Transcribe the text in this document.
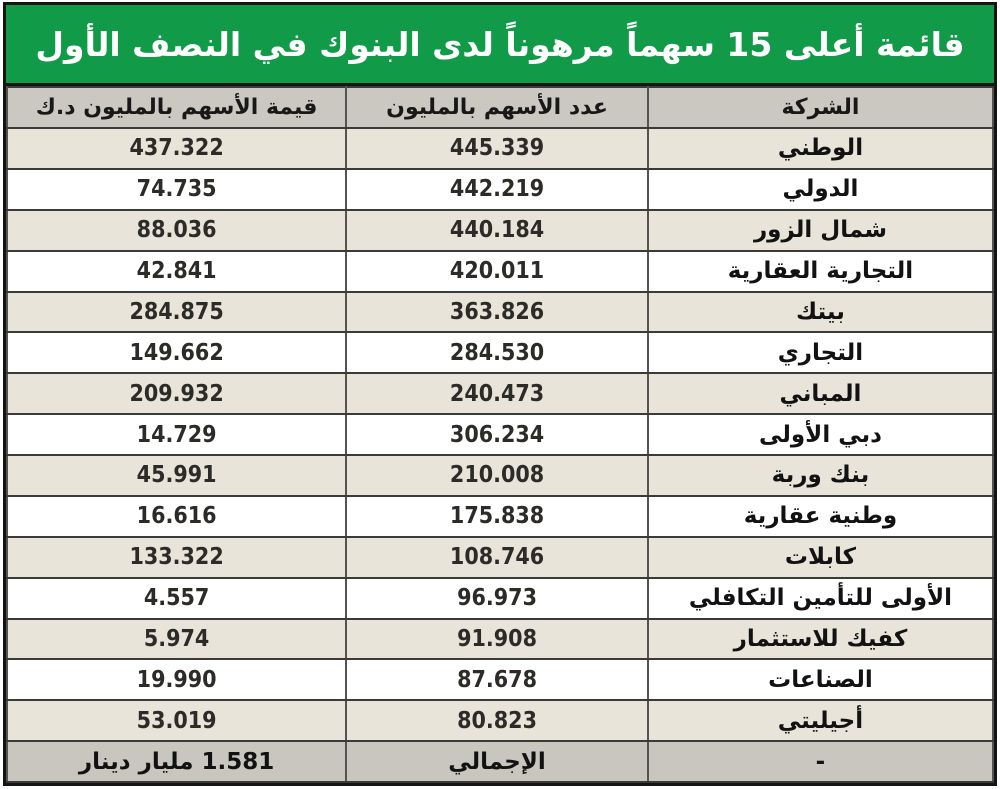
قائمة أعلى 15 سهماً مرهوناً لدى البنوك في النصف الأول
الشركة	عدد الأسهم بالمليون	قيمة الأسهم بالمليون د.ك
الوطني	445.339	437.322
الدولي	442.219	74.735
شمال الزور	440.184	88.036
التجارية العقارية	420.011	42.841
بيتك	363.826	284.875
التجاري	284.530	149.662
المباني	240.473	209.932
دبي الأولى	306.234	14.729
بنك وربة	210.008	45.991
وطنية عقارية	175.838	16.616
كابلات	108.746	133.322
الأولى للتأمين التكافلي	96.973	4.557
كفيك للاستثمار	91.908	5.974
الصناعات	87.678	19.990
أجيليتي	80.823	53.019
-	الإجمالي	1.581 مليار دينار
